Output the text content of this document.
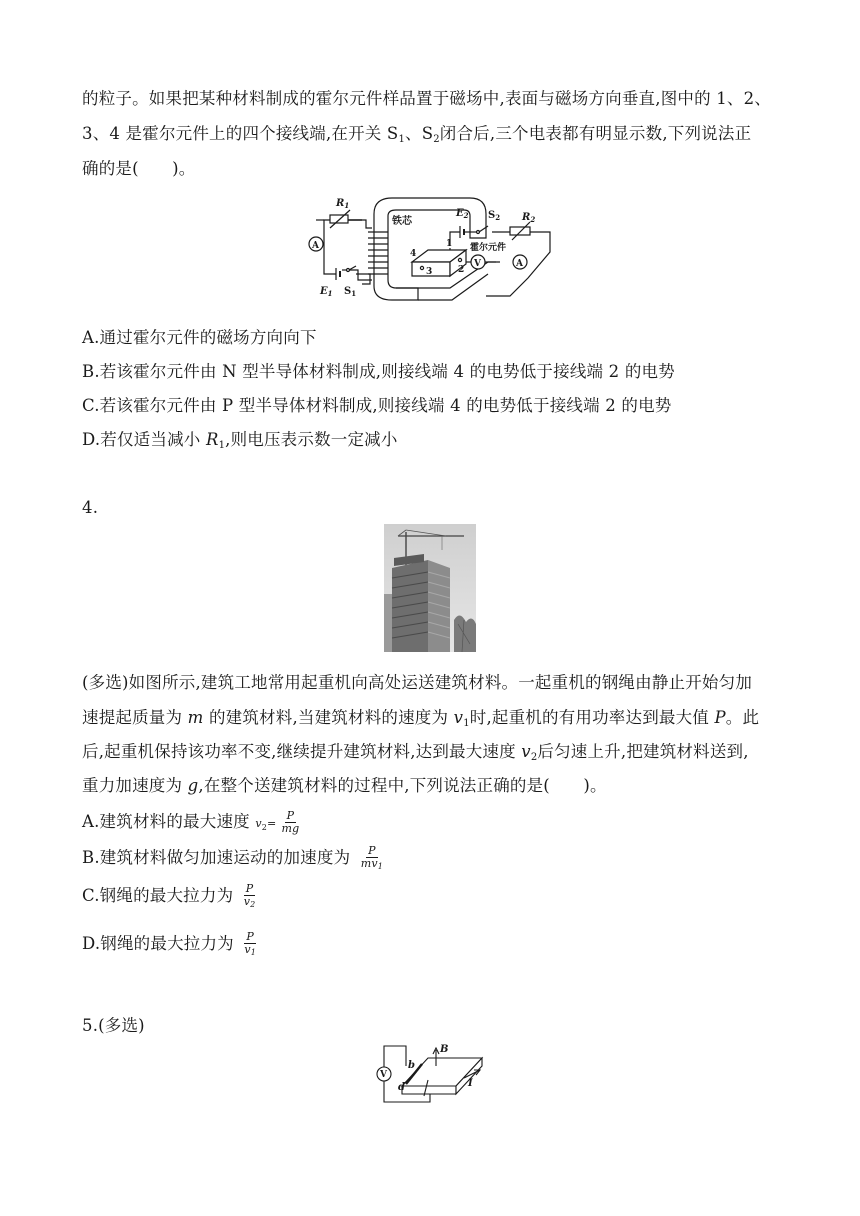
的粒子。如果把某种材料制成的霍尔元件样品置于磁场中,表面与磁场方向垂直,图中的 1、2、
3、4 是霍尔元件上的四个接线端,在开关 $S_1$、$S_2$闭合后,三个电表都有明显示数,下列说法正
确的是(　　)。
铁芯
霍尔元件
$R_1$
$R_2$
$E_1$
$E_2$
$S_1$
$S_2$
A
A
V
1
2
3
4
A.通过霍尔元件的磁场方向向下
B.若该霍尔元件由 N 型半导体材料制成,则接线端 4 的电势低于接线端 2 的电势
C.若该霍尔元件由 P 型半导体材料制成,则接线端 4 的电势低于接线端 2 的电势
D.若仅适当减小 $R_1$,则电压表示数一定减小
4.
(多选)如图所示,建筑工地常用起重机向高处运送建筑材料。一起重机的钢绳由静止开始匀加
速提起质量为 m 的建筑材料,当建筑材料的速度为 $v_1$时,起重机的有用功率达到最大值 P。此
后,起重机保持该功率不变,继续提升建筑材料,达到最大速度 $v_2$后匀速上升,把建筑材料送到,
重力加速度为 g,在整个送建筑材料的过程中,下列说法正确的是(　　)。
A.建筑材料的最大速度 $v_2= \frac{P}{mg}$
B.建筑材料做匀加速运动的加速度为 $\frac{P}{mv1}$
C.钢绳的最大拉力为 $\frac{P}{v2}$
D.钢绳的最大拉力为 $\frac{P}{v1}$
5.(多选)
V
b
d
B
I
